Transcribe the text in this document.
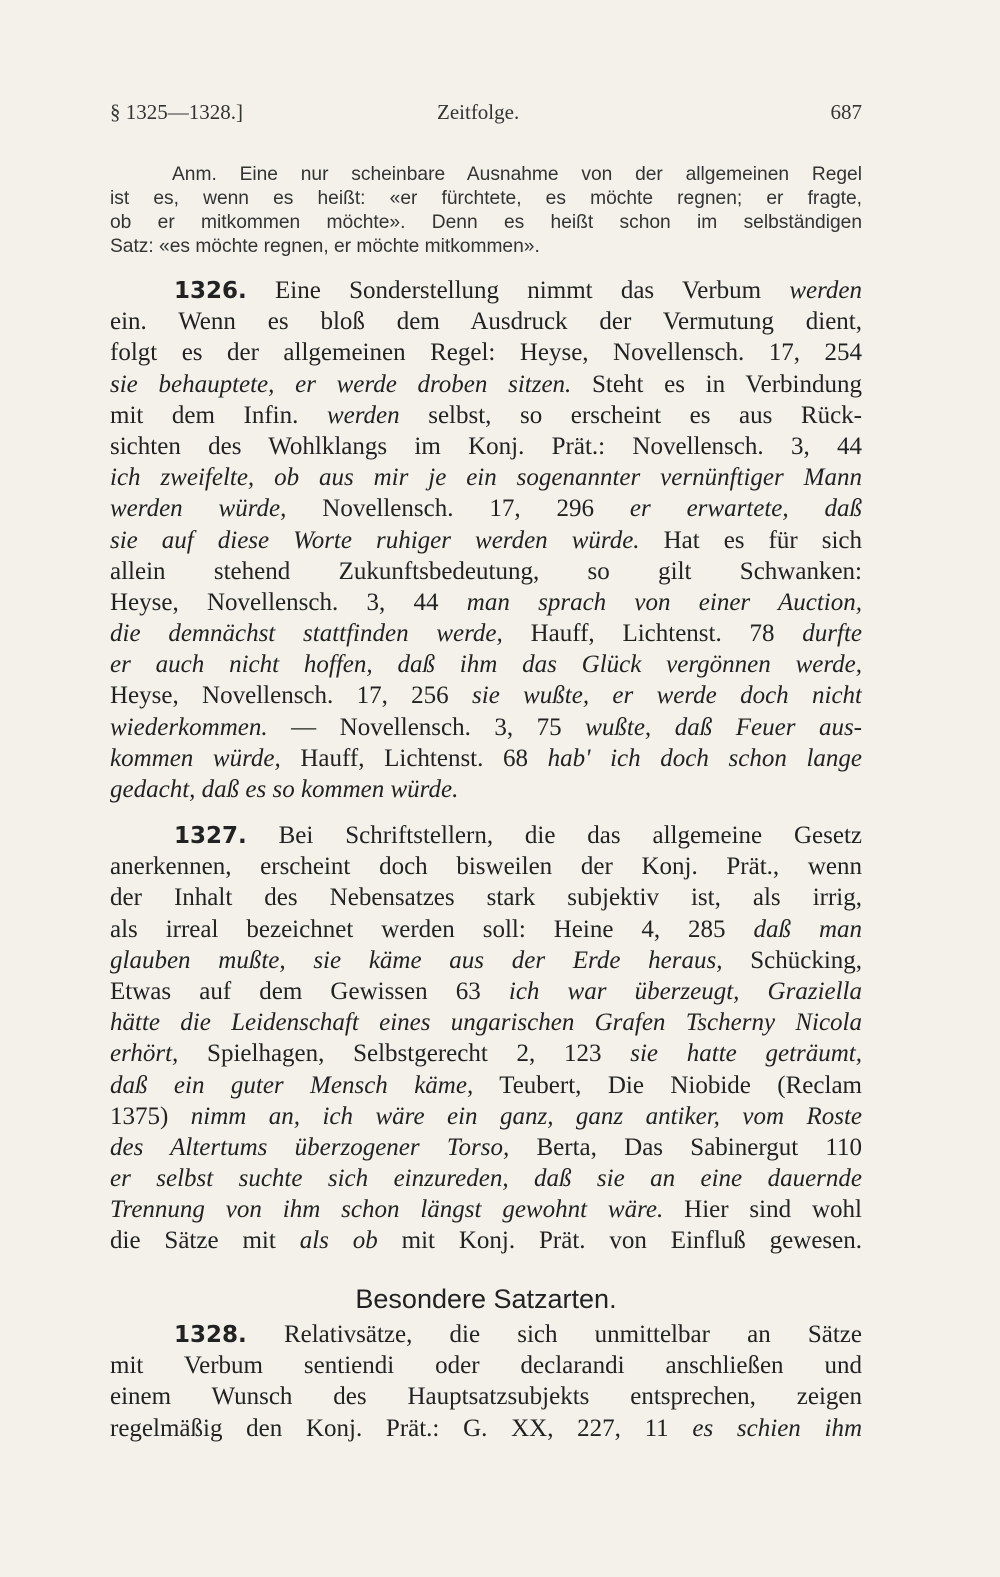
§ 1325—1328.]	Zeitfolge.	687
Anm. Eine nur scheinbare Ausnahme von der allgemeinen Regel
ist es, wenn es heißt: «er fürchtete, es möchte regnen; er fragte,
ob er mitkommen möchte». Denn es heißt schon im selbständigen
Satz: «es möchte regnen, er möchte mitkommen».
1326. Eine Sonderstellung nimmt das Verbum werden
ein. Wenn es bloß dem Ausdruck der Vermutung dient,
folgt es der allgemeinen Regel: Heyse, Novellensch. 17, 254
sie behauptete, er werde droben sitzen. Steht es in Verbindung
mit dem Infin. werden selbst, so erscheint es aus Rück-
sichten des Wohlklangs im Konj. Prät.: Novellensch. 3, 44
ich zweifelte, ob aus mir je ein sogenannter vernünftiger Mann
werden würde, Novellensch. 17, 296 er erwartete, daß
sie auf diese Worte ruhiger werden würde. Hat es für sich
allein stehend Zukunftsbedeutung, so gilt Schwanken:
Heyse, Novellensch. 3, 44 man sprach von einer Auction,
die demnächst stattfinden werde, Hauff, Lichtenst. 78 durfte
er auch nicht hoffen, daß ihm das Glück vergönnen werde,
Heyse, Novellensch. 17, 256 sie wußte, er werde doch nicht
wiederkommen. — Novellensch. 3, 75 wußte, daß Feuer aus-
kommen würde, Hauff, Lichtenst. 68 hab' ich doch schon lange
gedacht, daß es so kommen würde.
1327. Bei Schriftstellern, die das allgemeine Gesetz
anerkennen, erscheint doch bisweilen der Konj. Prät., wenn
der Inhalt des Nebensatzes stark subjektiv ist, als irrig,
als irreal bezeichnet werden soll: Heine 4, 285 daß man
glauben mußte, sie käme aus der Erde heraus, Schücking,
Etwas auf dem Gewissen 63 ich war überzeugt, Graziella
hätte die Leidenschaft eines ungarischen Grafen Tscherny Nicola
erhört, Spielhagen, Selbstgerecht 2, 123 sie hatte geträumt,
daß ein guter Mensch käme, Teubert, Die Niobide (Reclam
1375) nimm an, ich wäre ein ganz, ganz antiker, vom Roste
des Altertums überzogener Torso, Berta, Das Sabinergut 110
er selbst suchte sich einzureden, daß sie an eine dauernde
Trennung von ihm schon längst gewohnt wäre. Hier sind wohl
die Sätze mit als ob mit Konj. Prät. von Einfluß gewesen.
Besondere Satzarten.
1328. Relativsätze, die sich unmittelbar an Sätze
mit Verbum sentiendi oder declarandi anschließen und
einem Wunsch des Hauptsatzsubjekts entsprechen, zeigen
regelmäßig den Konj. Prät.: G. XX, 227, 11 es schien ihm
